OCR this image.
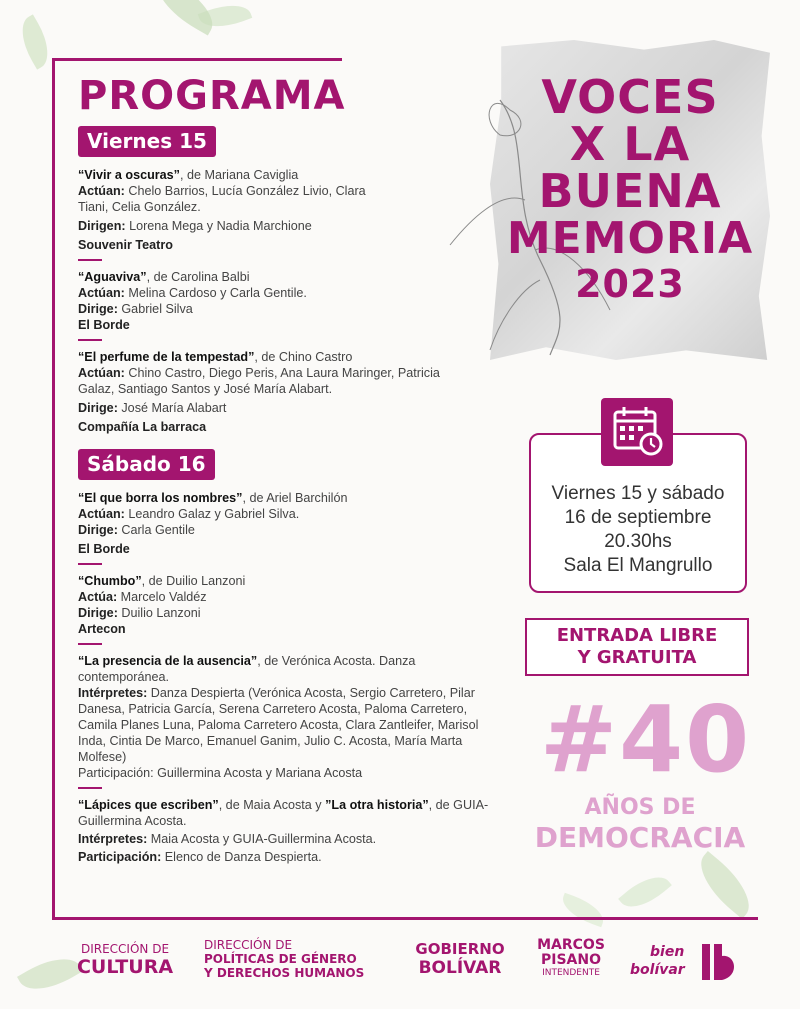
PROGRAMA
Viernes 15
“Vivir a oscuras”, de Mariana Caviglia
Actúan: Chelo Barrios, Lucía González Livio, Clara Tiani, Celia González.
Dirigen: Lorena Mega y Nadia Marchione
Souvenir Teatro
“Aguaviva”, de Carolina Balbi
Actúan: Melina Cardoso y Carla Gentile.
Dirige: Gabriel Silva
El Borde
“El perfume de la tempestad”, de Chino Castro
Actúan: Chino Castro, Diego Peris, Ana Laura Maringer, Patricia Galaz, Santiago Santos y José María Alabart.
Dirige: José María Alabart
Compañía La barraca
Sábado 16
“El que borra los nombres”, de Ariel Barchilón
Actúan: Leandro Galaz y Gabriel Silva.
Dirige: Carla Gentile
El Borde
“Chumbo”, de Duilio Lanzoni
Actúa: Marcelo Valdéz
Dirige: Duilio Lanzoni
Artecon
“La presencia de la ausencia”, de Verónica Acosta. Danza contemporánea.
Intérpretes: Danza Despierta (Verónica Acosta, Sergio Carretero, Pilar Danesa, Patricia García, Serena Carretero Acosta, Paloma Carretero, Camila Planes Luna, Paloma Carretero Acosta, Clara Zantleifer, Marisol Inda, Cintia De Marco, Emanuel Ganim, Julio C. Acosta, María Marta Molfese)
Participación: Guillermina Acosta y Mariana Acosta
“Lápices que escriben”, de Maia Acosta y ”La otra historia”, de GUIA-Guillermina Acosta.
Intérpretes: Maia Acosta y GUIA-Guillermina Acosta.
Participación: Elenco de Danza Despierta.
VOCES
X LA
BUENA
MEMORIA
2023
Viernes 15 y sábado
16 de septiembre
20.30hs
Sala El Mangrullo
ENTRADA LIBRE
Y GRATUITA
#40
AÑOS DE
DEMOCRACIA
DIRECCIÓN DE
CULTURA
DIRECCIÓN DE
POLÍTICAS DE GÉNERO
Y DERECHOS HUMANOS
GOBIERNO
BOLÍVAR
MARCOS
PISANO
INTENDENTE
bien
bolívar
